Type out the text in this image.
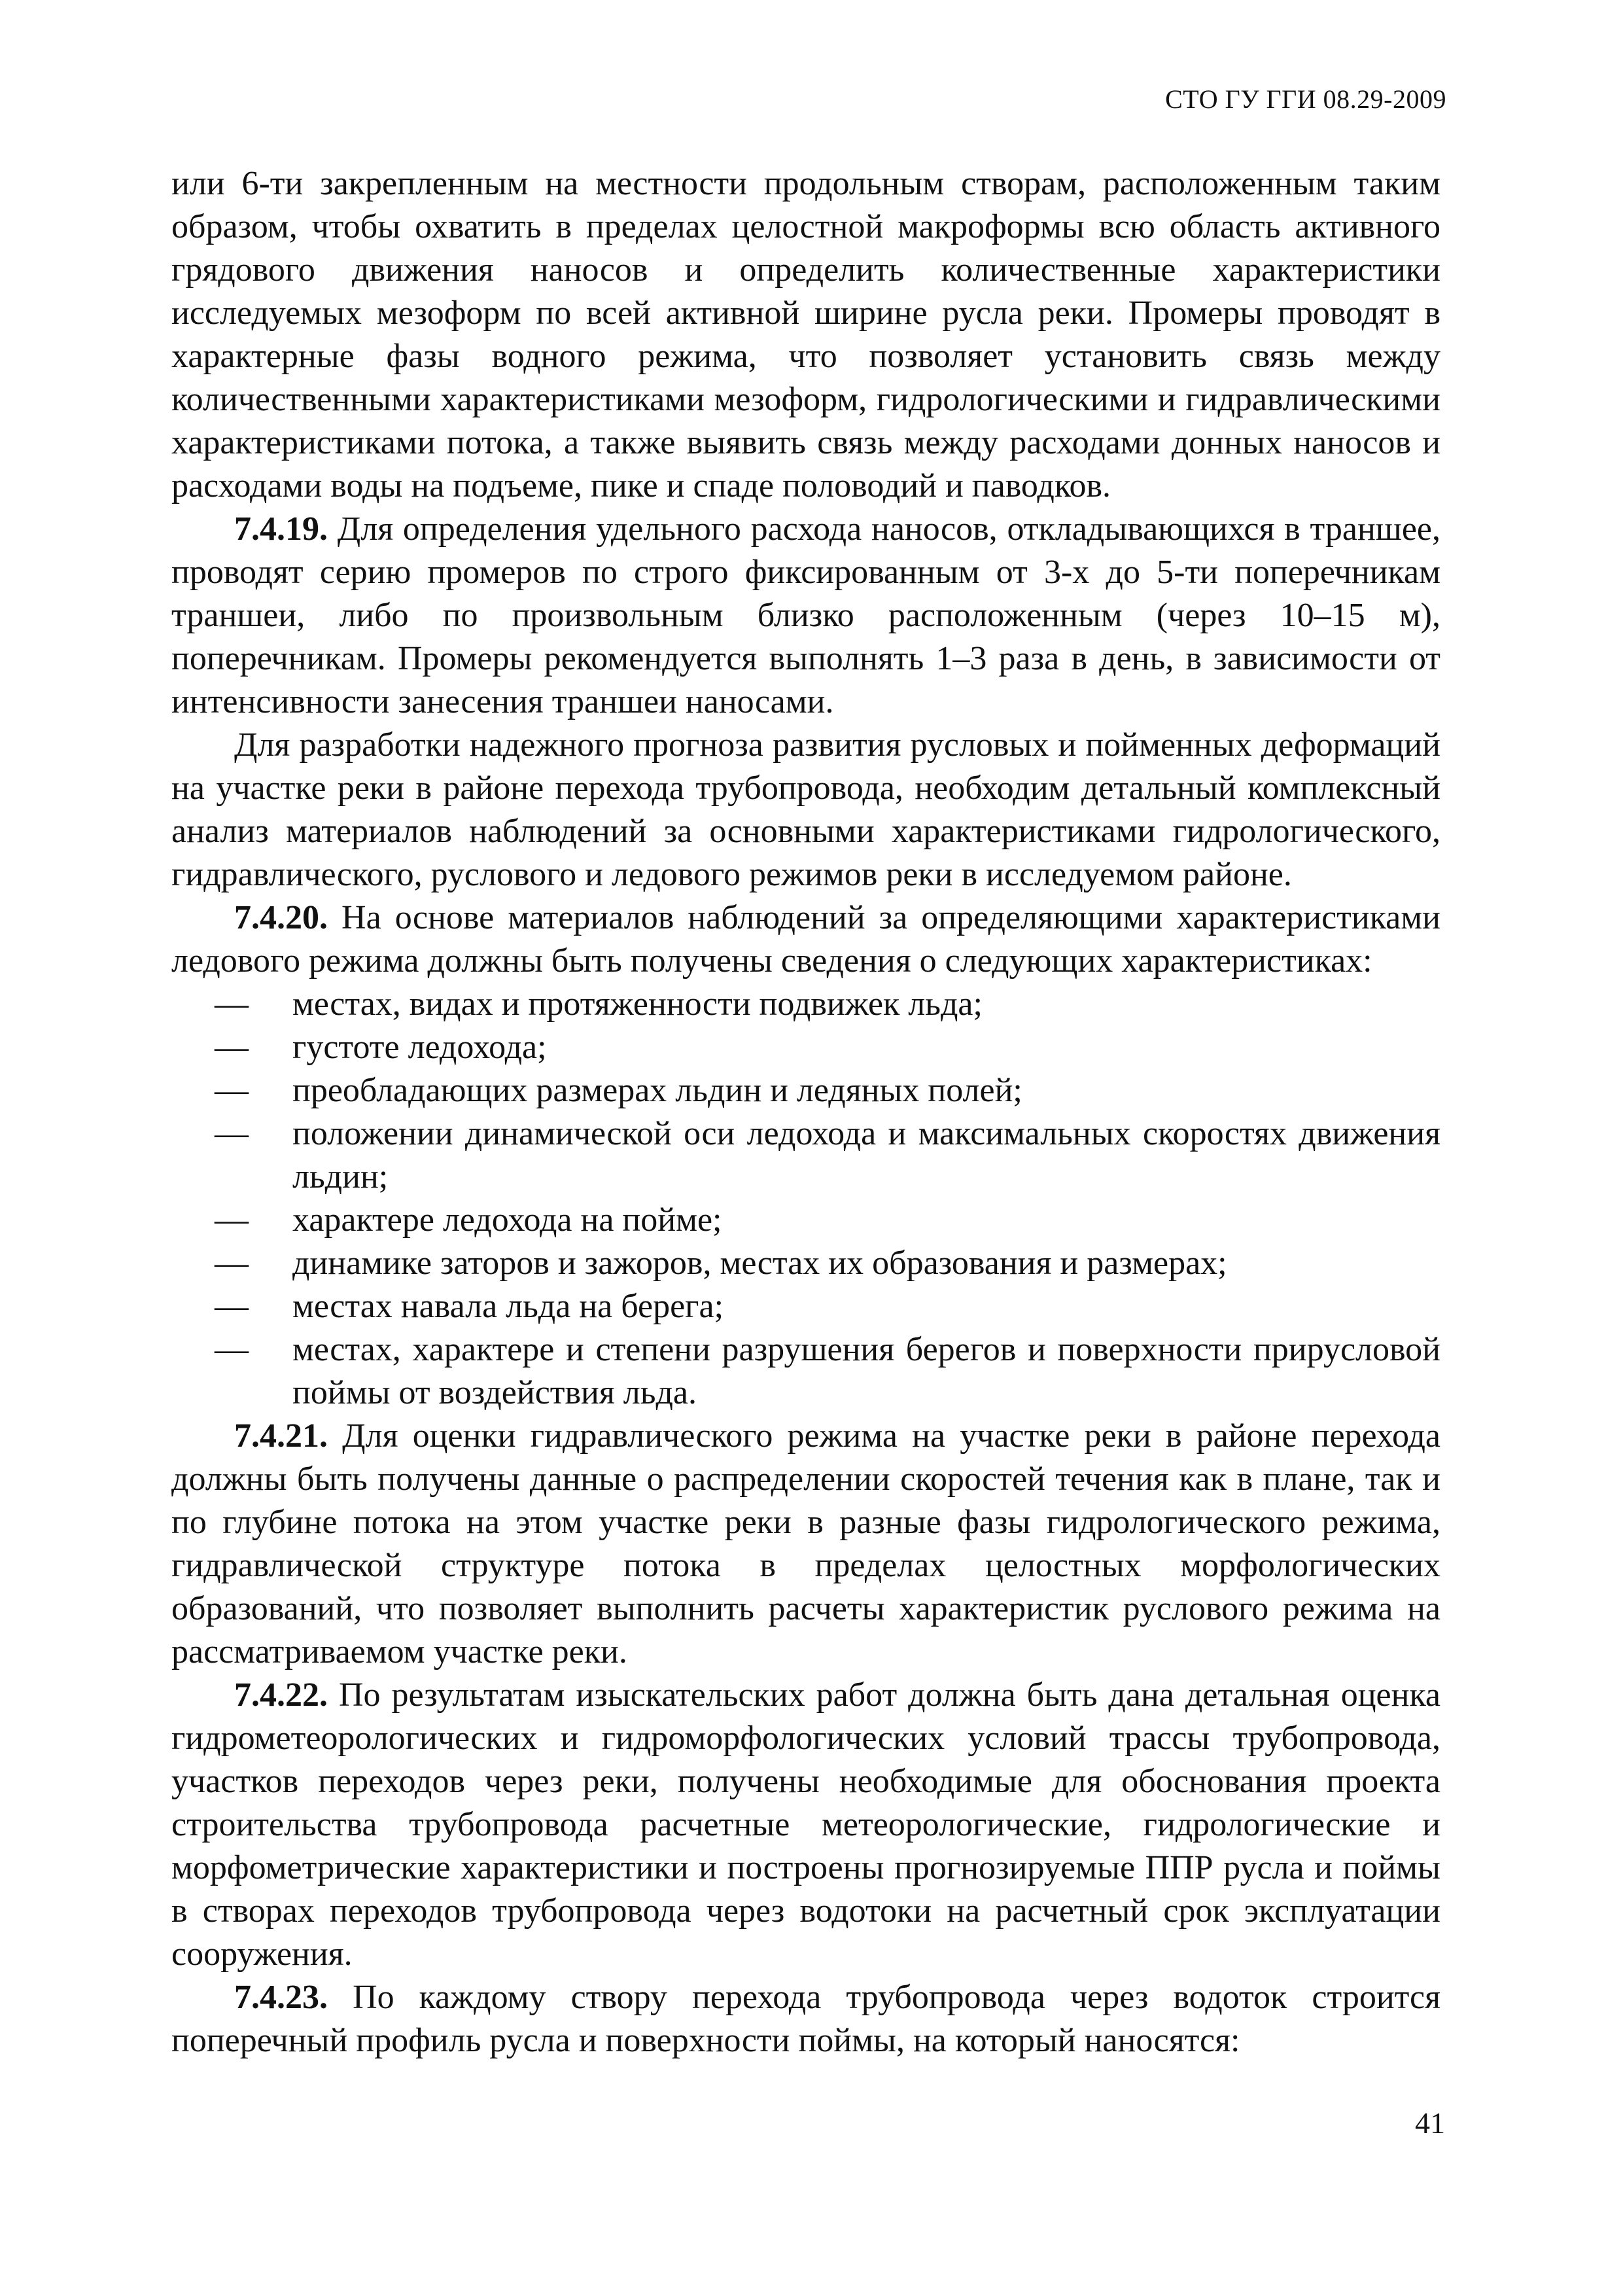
СТО ГУ ГГИ 08.29-2009

или 6-ти закрепленным на местности продольным створам, расположенным таким образом, чтобы охватить в пределах целостной макроформы всю область активного грядового движения наносов и определить количественные характеристики исследуемых мезоформ по всей активной ширине русла реки. Промеры проводят в характерные фазы водного режима, что позволяет установить связь между количественными характеристиками мезоформ, гидрологическими и гидравлическими характеристиками потока, а также выявить связь между расходами донных наносов и расходами воды на подъеме, пике и спаде половодий и паводков.

7.4.19. Для определения удельного расхода наносов, откладывающихся в траншее, проводят серию промеров по строго фиксированным от 3-х до 5-ти поперечникам траншеи, либо по произвольным близко расположенным (через 10–15 м), поперечникам. Промеры рекомендуется выполнять 1–3 раза в день, в зависимости от интенсивности занесения траншеи наносами.

Для разработки надежного прогноза развития русловых и пойменных деформаций на участке реки в районе перехода трубопровода, необходим детальный комплексный анализ материалов наблюдений за основными характеристиками гидрологического, гидравлического, руслового и ледового режимов реки в исследуемом районе.

7.4.20. На основе материалов наблюдений за определяющими характеристиками ледового режима должны быть получены сведения о следующих характеристиках:

— местах, видах и протяженности подвижек льда;
— густоте ледохода;
— преобладающих размерах льдин и ледяных полей;
— положении динамической оси ледохода и максимальных скоростях движения льдин;
— характере ледохода на пойме;
— динамике заторов и зажоров, местах их образования и размерах;
— местах навала льда на берега;
— местах, характере и степени разрушения берегов и поверхности прирусловой поймы от воздействия льда.

7.4.21. Для оценки гидравлического режима на участке реки в районе перехода должны быть получены данные о распределении скоростей течения как в плане, так и по глубине потока на этом участке реки в разные фазы гидрологического режима, гидравлической структуре потока в пределах целостных морфологических образований, что позволяет выполнить расчеты характеристик руслового режима на рассматриваемом участке реки.

7.4.22. По результатам изыскательских работ должна быть дана детальная оценка гидрометеорологических и гидроморфологических условий трассы трубопровода, участков переходов через реки, получены необходимые для обоснования проекта строительства трубопровода расчетные метеорологические, гидрологические и морфометрические характеристики и построены прогнозируемые ППР русла и поймы в створах переходов трубопровода через водотоки на расчетный срок эксплуатации сооружения.

7.4.23. По каждому створу перехода трубопровода через водоток строится поперечный профиль русла и поверхности поймы, на который наносятся:

41
